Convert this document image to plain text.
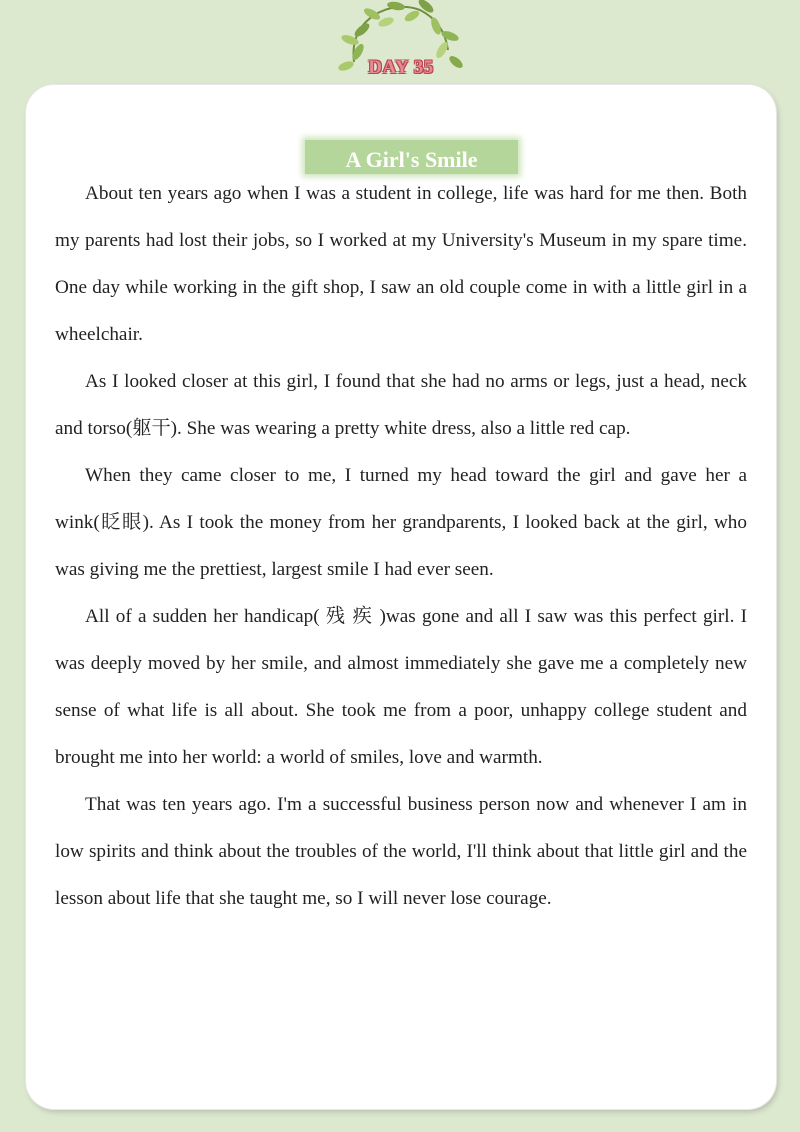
DAY 35
A Girl's Smile

About ten years ago when I was a student in college, life was hard for me then. Both my parents had lost their jobs, so I worked at my University's Museum in my spare time. One day while working in the gift shop, I saw an old couple come in with a little girl in a wheelchair.

As I looked closer at this girl, I found that she had no arms or legs, just a head, neck and torso(躯干). She was wearing a pretty white dress, also a little red cap.

When they came closer to me, I turned my head toward the girl and gave her a wink(眨眼). As I took the money from her grandparents, I looked back at the girl, who was giving me the prettiest, largest smile I had ever seen.

All of a sudden her handicap( 残 疾 )was gone and all I saw was this perfect girl. I was deeply moved by her smile, and almost immediately she gave me a completely new sense of what life is all about. She took me from a poor, unhappy college student and brought me into her world: a world of smiles, love and warmth.

That was ten years ago. I'm a successful business person now and whenever I am in low spirits and think about the troubles of the world, I'll think about that little girl and the lesson about life that she taught me, so I will never lose courage.
